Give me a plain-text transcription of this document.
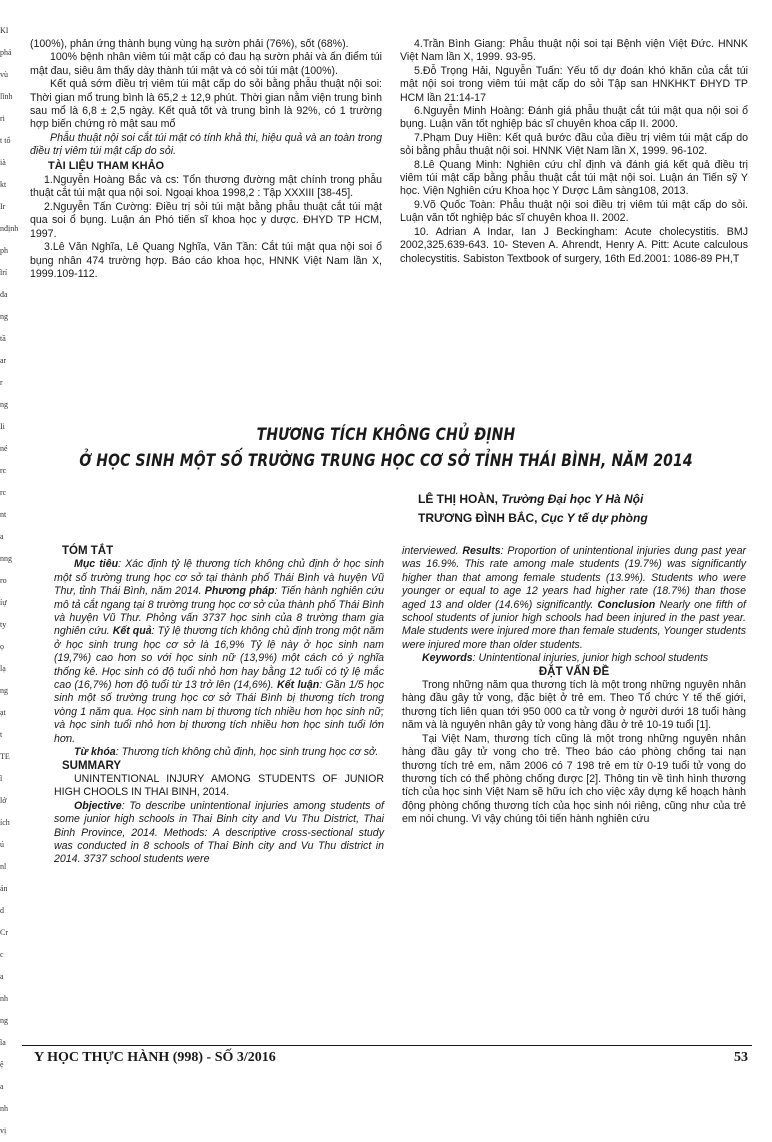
KI
phả
vù
lĩnh
ri
t tổ
ià
kt
Ir
nđịnh
ph
ĩrí
đa
ng
tầ
ar
r
ng
Ii
né
rc
rc
nt
a
nng
ro
ỉự
ty
ọ
lạ
ng
ạt
t
TE
ĩ
lở
ích
ú
nl
ản
d
Cr
c
a
nh
ng
ĩa
ệ
a
nh
vị

(100%), phản ứng thành bụng vùng hạ sườn phải (76%), sốt (68%).

100% bệnh nhân viêm túi mật cấp có đau hạ sườn phải và ấn điểm túi mật đau, siêu âm thấy dày thành túi mật và có sỏi túi mật (100%).

Kết quả sớm điều trị viêm túi mật cấp do sỏi bằng phẫu thuật nội soi: Thời gian mổ trung bình là 65,2 ± 12,9 phút. Thời gian nằm viện trung bình sau mổ là 6,8 ± 2,5 ngày. Kết quả tốt và trung bình là 92%, có 1 trường hợp biến chứng rò mật sau mổ

Phẫu thuật nội soi cắt túi mật có tính khả thi, hiệu quả và an toàn trong điều trị viêm túi mật cấp do sỏi.

TÀI LIỆU THAM KHẢO

1.Nguyễn Hoàng Bắc và cs: Tổn thương đường mật chính trong phẫu thuật cắt túi mật qua nội soi. Ngoại khoa 1998,2 : Tập XXXIII [38-45].

2.Nguyễn Tấn Cường: Điều trị sỏi túi mật bằng phẫu thuật cắt túi mật qua soi ổ bụng. Luận án Phó tiến sĩ khoa học y dược. ĐHYD TP HCM, 1997.

3.Lê Văn Nghĩa, Lê Quang Nghĩa, Văn Tần: Cắt túi mật qua nội soi ổ bụng nhân 474 trường hợp. Báo cáo khoa học, HNNK Việt Nam lần X, 1999.109-112.

4.Trần Bình Giang: Phẫu thuật nội soi tại Bệnh viện Việt Đức. HNNK Việt Nam lần X, 1999. 93-95.

5.Đỗ Trọng Hải, Nguyễn Tuấn: Yếu tố dự đoán khó khăn của cắt túi mật nội soi trong viêm túi mật cấp do sỏi Tập san HNKHKT ĐHYD TP HCM lần 21:14-17

6.Nguyễn Minh Hoàng: Đánh giá phẫu thuật cắt túi mật qua nội soi ổ bụng. Luận văn tốt nghiệp bác sĩ chuyên khoa cấp II. 2000.

7.Phạm Duy Hiền: Kết quả bước đầu của điều trị viêm túi mật cấp do sỏi bằng phẫu thuật nội soi. HNNK Việt Nam lần X, 1999. 96-102.

8.Lê Quang Minh: Nghiên cứu chỉ định và đánh giá kết quả điều trị viêm túi mật cấp bằng phẫu thuật cắt túi mật nội soi. Luận án Tiến sỹ Y học. Viện Nghiên cứu Khoa học Y Dược Lâm sàng108, 2013.

9.Võ Quốc Toàn: Phẫu thuật nội soi điều trị viêm túi mật cấp do sỏi. Luận văn tốt nghiệp bác sĩ chuyên khoa II. 2002.

10. Adrian A Indar, Ian J Beckingham: Acute cholecystitis. BMJ 2002,325.639-643. 10- Steven A. Ahrendt, Henry A. Pitt: Acute calculous cholecystitis. Sabiston Textbook of surgery, 16th Ed.2001: 1086-89 PH,T

THƯƠNG TÍCH KHÔNG CHỦ ĐỊNH
Ở HỌC SINH MỘT SỐ TRƯỜNG TRUNG HỌC CƠ SỞ TỈNH THÁI BÌNH, NĂM 2014
LÊ THỊ HOÀN, Trường Đại học Y Hà Nội
TRƯƠNG ĐÌNH BẮC, Cục Y tế dự phòng

TÓM TẮT

Mục tiêu: Xác định tỷ lệ thương tích không chủ định ở học sinh một số trường trung học cơ sở tại thành phố Thái Bình và huyện Vũ Thư, tỉnh Thái Bình, năm 2014. Phương pháp: Tiến hành nghiên cứu mô tả cắt ngang tại 8 trường trung học cơ sở của thành phố Thái Bình và huyện Vũ Thư. Phỏng vấn 3737 học sinh của 8 trường tham gia nghiên cứu. Kết quả: Tỷ lệ thương tích không chủ định trong một năm ở học sinh trung học cơ sở là 16,9% Tỷ lệ này ở học sinh nam (19,7%) cao hơn so với học sinh nữ (13,9%) một cách có ý nghĩa thống kê. Học sinh có độ tuổi nhỏ hơn hay bằng 12 tuổi có tỷ lệ mắc cao (16,7%) hơn độ tuổi từ 13 trở lên (14,6%). Kết luận: Gần 1/5 học sinh một số trường trung học cơ sở Thái Bình bị thương tích trong vòng 1 năm qua. Học sinh nam bị thương tích nhiều hơn học sinh nữ; và học sinh tuổi nhỏ hơn bị thương tích nhiều hơn học sinh tuổi lớn hơn.

Từ khóa: Thương tích không chủ định, học sinh trung học cơ sở.

SUMMARY

UNINTENTIONAL INJURY AMONG STUDENTS OF JUNIOR HIGH CHOOLS IN THAI BINH, 2014.

Objective: To describe unintentional injuries among students of some junior high schools in Thai Binh city and Vu Thu District, Thai Binh Province, 2014. Methods: A descriptive cross-sectional study was conducted in 8 schools of Thai Binh city and Vu Thu district in 2014. 3737 school students were

interviewed. Results: Proportion of unintentional injuries dung past year was 16.9%. This rate among male students (19.7%) was significantly higher than that among female students (13.9%). Students who were younger or equal to age 12 years had higher rate (18.7%) than those aged 13 and older (14.6%) significantly. Conclusion Nearly one fifth of school students of junior high schools had been injured in the past year. Male students were injured more than female students, Younger students were injured more than older students.

Keywords: Unintentional injuries, junior high school students

ĐẶT VẤN ĐỀ

Trong những năm qua thương tích là một trong những nguyên nhân hàng đầu gây tử vong, đặc biệt ở trẻ em. Theo Tổ chức Y tế thế giới, thương tích liên quan tới 950 000 ca tử vong ở người dưới 18 tuổi hàng năm và là nguyên nhân gây tử vong hàng đầu ở trẻ 10-19 tuổi [1].

Tại Việt Nam, thương tích cũng là một trong những nguyên nhân hàng đầu gây tử vong cho trẻ. Theo báo cáo phòng chống tai nạn thương tích trẻ em, năm 2006 có 7 198 trẻ em từ 0-19 tuổi tử vong do thương tích có thể phòng chống được [2]. Thông tin về tình hình thương tích của học sinh Việt Nam sẽ hữu ích cho việc xây dựng kế hoạch hành động phòng chống thương tích của học sinh nói riêng, cũng như của trẻ em nói chung. Vì vậy chúng tôi tiến hành nghiên cứu

Y HỌC THỰC HÀNH (998) - SỐ 3/2016	53
